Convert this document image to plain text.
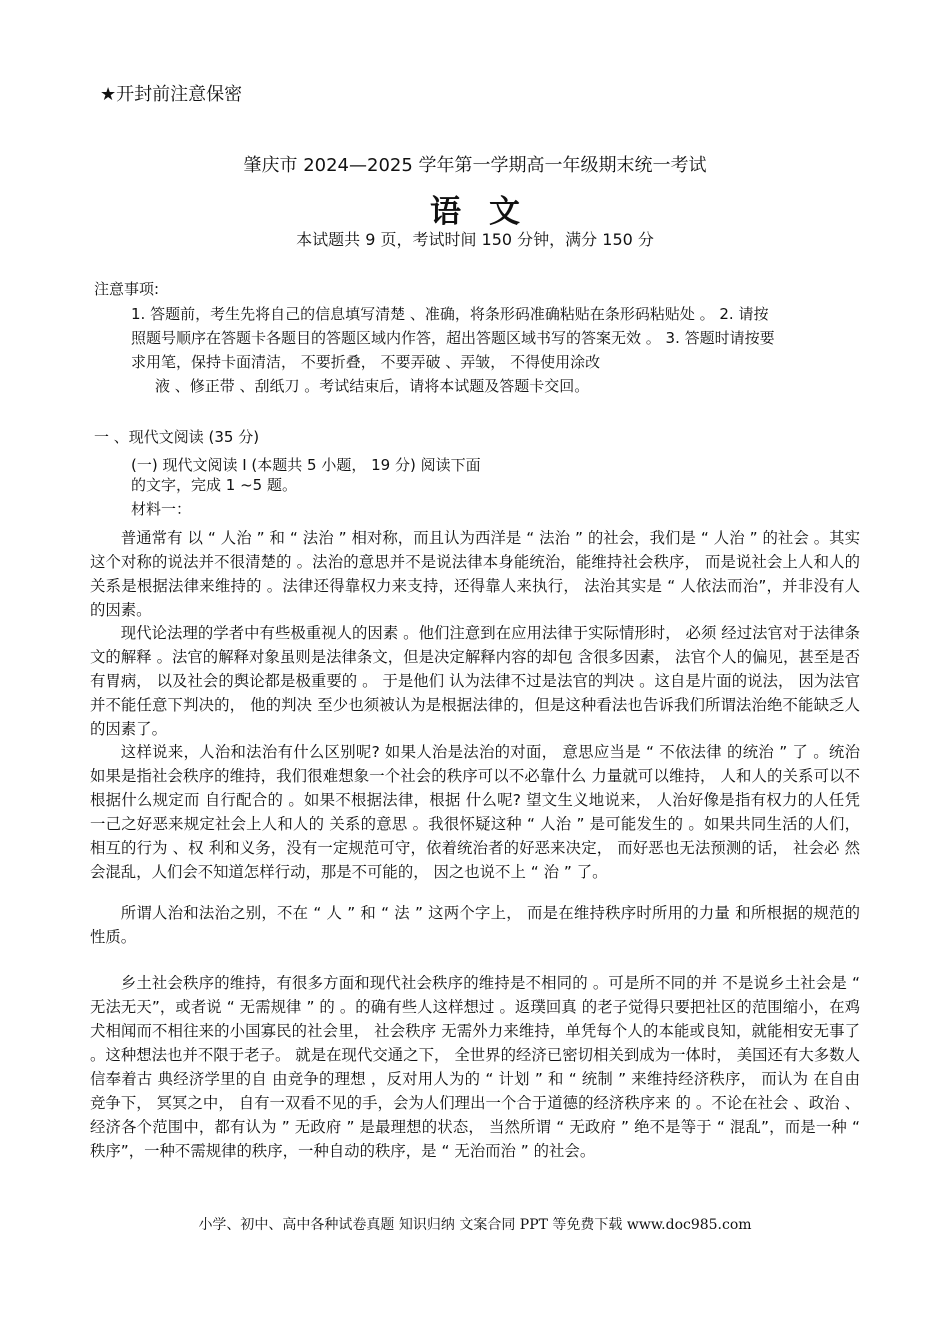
★开封前注意保密
肇庆市 2024—2025 学年第一学期高一年级期末统一考试
语文
本试题共 9 页，考试时间 150 分钟，满分 150 分
注意事项:
1. 答题前，考生先将自己的信息填写清楚 、准确，将条形码准确粘贴在条形码粘贴处 。 2. 请按
照题号顺序在答题卡各题目的答题区域内作答，超出答题区域书写的答案无效 。 3. 答题时请按要
求用笔，保持卡面清洁， 不要折叠， 不要弄破 、弄皱， 不得使用涂改
液 、修正带 、刮纸刀 。考试结束后，请将本试题及答题卡交回。
一 、现代文阅读 (35 分)
(一) 现代文阅读 Ⅰ (本题共 5 小题， 19 分) 阅读下面
的文字，完成 1 ~5 题。
材料一：
普通常有 以 “ 人治 ” 和 “ 法治 ” 相对称，而且认为西洋是 “ 法治 ” 的社会，我们是 “ 人治 ” 的社会 。其实这个对称的说法并不很清楚的 。法治的意思并不是说法律本身能统治，能维持社会秩序， 而是说社会上人和人的关系是根据法律来维持的 。法律还得靠权力来支持，还得靠人来执行， 法治其实是 “ 人依法而治”，并非没有人的因素。
现代论法理的学者中有些极重视人的因素 。他们注意到在应用法律于实际情形时， 必须 经过法官对于法律条文的解释 。法官的解释对象虽则是法律条文，但是决定解释内容的却包 含很多因素， 法官个人的偏见，甚至是否有胃病， 以及社会的舆论都是极重要的 。 于是他们 认为法律不过是法官的判决 。这自是片面的说法， 因为法官并不能任意下判决的， 他的判决 至少也须被认为是根据法律的，但是这种看法也告诉我们所谓法治绝不能缺乏人的因素了。
这样说来，人治和法治有什么区别呢? 如果人治是法治的对面， 意思应当是 “ 不依法律 的统治 ” 了 。统治如果是指社会秩序的维持，我们很难想象一个社会的秩序可以不必靠什么 力量就可以维持， 人和人的关系可以不根据什么规定而 自行配合的 。如果不根据法律，根据 什么呢? 望文生义地说来， 人治好像是指有权力的人任凭一己之好恶来规定社会上人和人的 关系的意思 。我很怀疑这种 “ 人治 ” 是可能发生的 。如果共同生活的人们，相互的行为 、权 利和义务，没有一定规范可守，依着统治者的好恶来决定， 而好恶也无法预测的话， 社会必 然会混乱，人们会不知道怎样行动，那是不可能的， 因之也说不上 “ 治 ” 了。
所谓人治和法治之别，不在 “ 人 ” 和 “ 法 ” 这两个字上， 而是在维持秩序时所用的力量 和所根据的规范的性质。
乡土社会秩序的维持，有很多方面和现代社会秩序的维持是不相同的 。可是所不同的并 不是说乡土社会是 “ 无法无天”，或者说 “ 无需规律 ” 的 。的确有些人这样想过 。返璞回真 的老子觉得只要把社区的范围缩小，在鸡犬相闻而不相往来的小国寡民的社会里， 社会秩序 无需外力来维持，单凭每个人的本能或良知，就能相安无事了 。这种想法也并不限于老子。 就是在现代交通之下， 全世界的经济已密切相关到成为一体时， 美国还有大多数人信奉着古 典经济学里的自 由竞争的理想 ，反对用人为的 “ 计划 ” 和 “ 统制 ” 来维持经济秩序， 而认为 在自由竞争下， 冥冥之中， 自有一双看不见的手，会为人们理出一个合于道德的经济秩序来 的 。不论在社会 、政治 、经济各个范围中，都有认为 ” 无政府 ” 是最理想的状态， 当然所谓 “ 无政府 ” 绝不是等于 “ 混乱”，而是一种 “ 秩序”，一种不需规律的秩序，一种自动的秩序，是 “ 无治而治 ” 的社会。
小学、初中、高中各种试卷真题 知识归纳 文案合同 PPT 等免费下载 www.doc985.com
